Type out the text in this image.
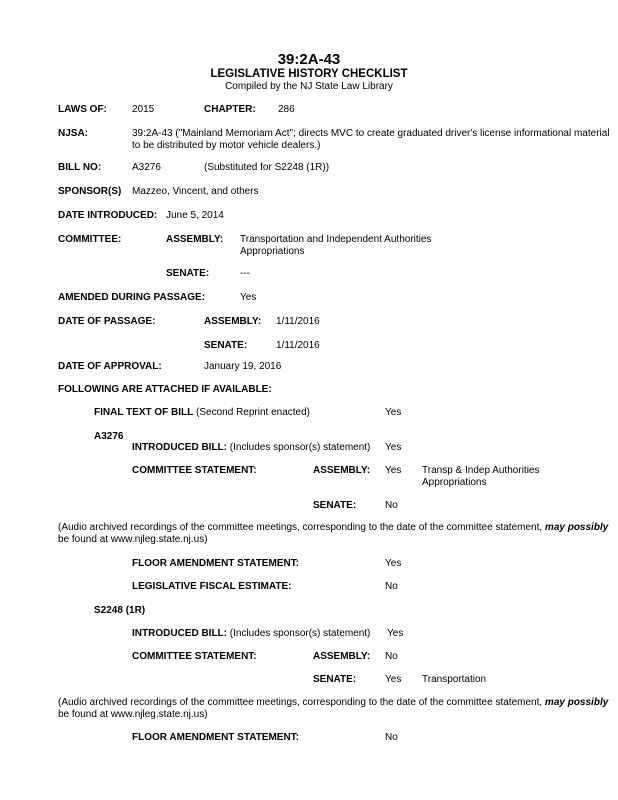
39:2A-43
LEGISLATIVE HISTORY CHECKLIST
Compiled by the NJ State Law Library
LAWS OF:	2015	CHAPTER: 286
NJSA:	39:2A-43 ("Mainland Memoriam Act"; directs MVC to create graduated driver's license informational material
to be distributed by motor vehicle dealers.)
BILL NO:	A3276	(Substituted for S2248 (1R))
SPONSOR(S) Mazzeo, Vincent, and others
DATE INTRODUCED: June 5, 2014
COMMITTEE:	ASSEMBLY: Transportation and Independent Authorities
Appropriations
SENATE:	---
AMENDED DURING PASSAGE:	Yes
DATE OF PASSAGE:	ASSEMBLY: 1/11/2016
SENATE:	1/11/2016
DATE OF APPROVAL:	January 19, 2016
FOLLOWING ARE ATTACHED IF AVAILABLE:
FINAL TEXT OF BILL (Second Reprint enacted)	Yes
A3276
INTRODUCED BILL: (Includes sponsor(s) statement) Yes
COMMITTEE STATEMENT:	ASSEMBLY: Yes Transp & Indep Authorities
Appropriations
SENATE:	No
(Audio archived recordings of the committee meetings, corresponding to the date of the committee statement, may possibly
be found at www.njleg.state.nj.us)
FLOOR AMENDMENT STATEMENT:	Yes
LEGISLATIVE FISCAL ESTIMATE:	No
S2248 (1R)
INTRODUCED BILL: (Includes sponsor(s) statement) Yes
COMMITTEE STATEMENT:	ASSEMBLY: No
SENATE:	Yes Transportation
(Audio archived recordings of the committee meetings, corresponding to the date of the committee statement, may possibly
be found at www.njleg.state.nj.us)
FLOOR AMENDMENT STATEMENT:	No
